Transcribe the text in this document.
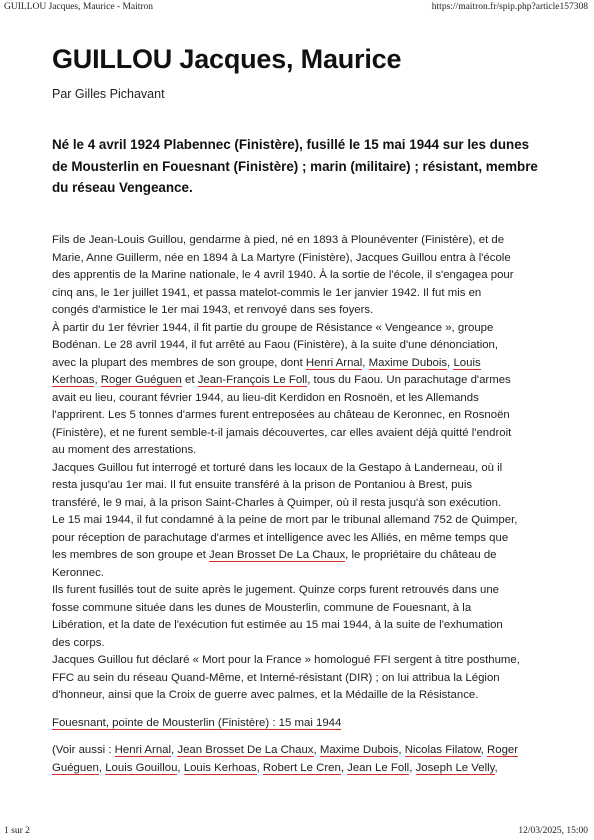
GUILLOU Jacques, Maurice - Maitron	https://maitron.fr/spip.php?article157308
GUILLOU Jacques, Maurice
Par Gilles Pichavant
Né le 4 avril 1924 Plabennec (Finistère), fusillé le 15 mai 1944 sur les dunes
de Mousterlin en Fouesnant (Finistère) ; marin (militaire) ; résistant, membre
du réseau Vengeance.
Fils de Jean-Louis Guillou, gendarme à pied, né en 1893 à Plounéventer (Finistère), et de
Marie, Anne Guillerm, née en 1894 à La Martyre (Finistère), Jacques Guillou entra à l'école
des apprentis de la Marine nationale, le 4 avril 1940. À la sortie de l'école, il s'engagea pour
cinq ans, le 1er juillet 1941, et passa matelot-commis le 1er janvier 1942. Il fut mis en
congés d'armistice le 1er mai 1943, et renvoyé dans ses foyers.
À partir du 1er février 1944, il fit partie du groupe de Résistance « Vengeance », groupe
Bodénan. Le 28 avril 1944, il fut arrêté au Faou (Finistère), à la suite d'une dénonciation,
avec la plupart des membres de son groupe, dont Henri Arnal, Maxime Dubois, Louis
Kerhoas, Roger Guéguen et Jean-François Le Foll, tous du Faou. Un parachutage d'armes
avait eu lieu, courant février 1944, au lieu-dit Kerdidon en Rosnoën, et les Allemands
l'apprirent. Les 5 tonnes d'armes furent entreposées au château de Keronnec, en Rosnoën
(Finistère), et ne furent semble-t-il jamais découvertes, car elles avaient déjà quitté l'endroit
au moment des arrestations.
Jacques Guillou fut interrogé et torturé dans les locaux de la Gestapo à Landerneau, où il
resta jusqu'au 1er mai. Il fut ensuite transféré à la prison de Pontaniou à Brest, puis
transféré, le 9 mai, à la prison Saint-Charles à Quimper, où il resta jusqu'à son exécution.
Le 15 mai 1944, il fut condamné à la peine de mort par le tribunal allemand 752 de Quimper,
pour réception de parachutage d'armes et intelligence avec les Alliés, en même temps que
les membres de son groupe et Jean Brosset De La Chaux, le propriétaire du château de
Keronnec.
Ils furent fusillés tout de suite après le jugement. Quinze corps furent retrouvés dans une
fosse commune située dans les dunes de Mousterlin, commune de Fouesnant, à la
Libération, et la date de l'exécution fut estimée au 15 mai 1944, à la suite de l'exhumation
des corps.
Jacques Guillou fut déclaré « Mort pour la France » homologué FFI sergent à titre posthume,
FFC au sein du réseau Quand-Même, et Interné-résistant (DIR) ; on lui attribua la Légion
d'honneur, ainsi que la Croix de guerre avec palmes, et la Médaille de la Résistance.
Fouesnant, pointe de Mousterlin (Finistère) : 15 mai 1944
(Voir aussi : Henri Arnal, Jean Brosset De La Chaux, Maxime Dubois, Nicolas Filatow, Roger
Guéguen, Louis Gouillou, Louis Kerhoas, Robert Le Cren, Jean Le Foll, Joseph Le Velly,
1 sur 2	12/03/2025, 15:00
